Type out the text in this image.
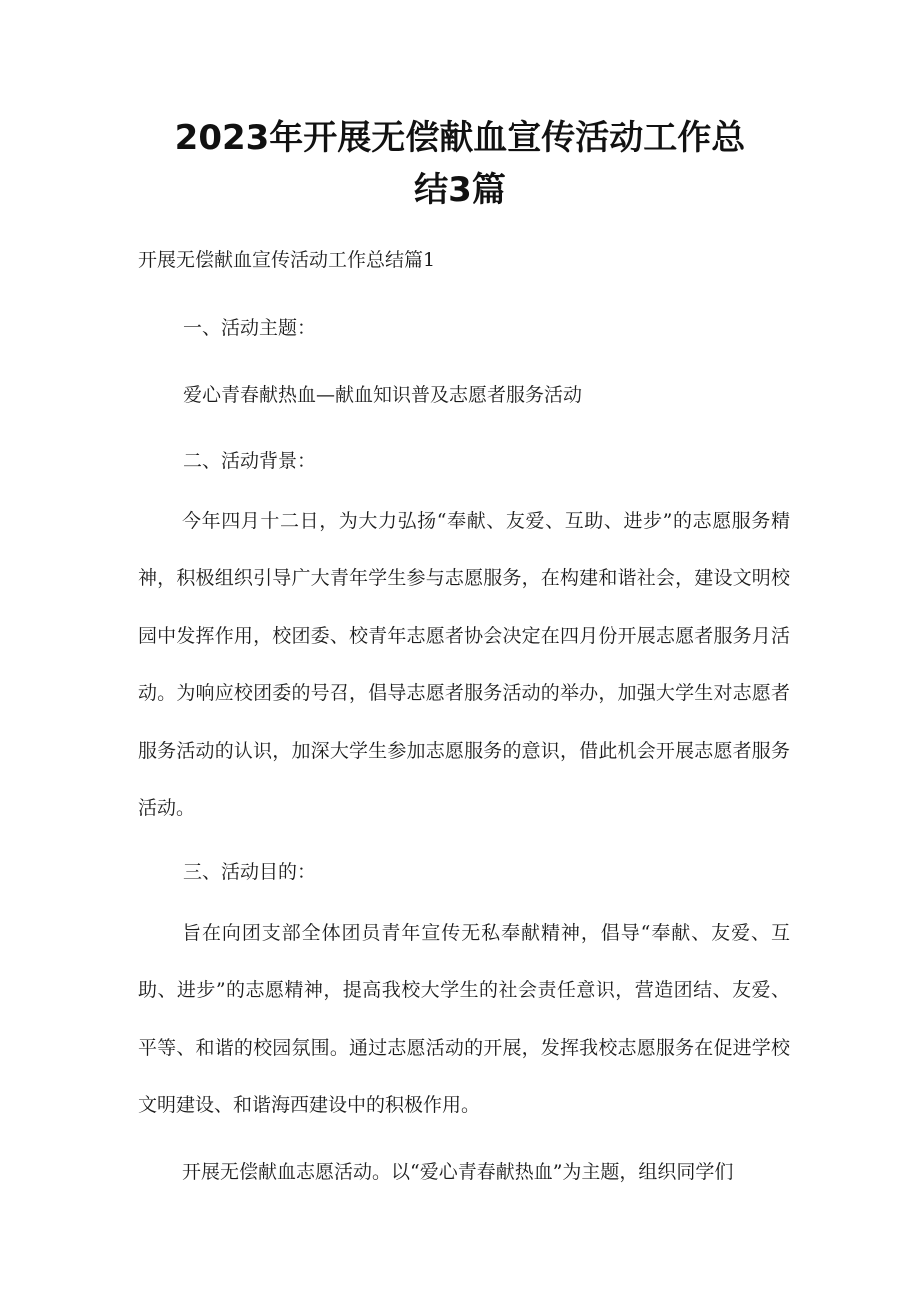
2023年开展无偿献血宣传活动工作总
结3篇

开展无偿献血宣传活动工作总结篇1

一、活动主题：

爱心青春献热血—献血知识普及志愿者服务活动

二、活动背景：

今年四月十二日，为大力弘扬“奉献、友爱、互助、进步”的志愿服务精神，积极组织引导广大青年学生参与志愿服务，在构建和谐社会，建设文明校园中发挥作用，校团委、校青年志愿者协会决定在四月份开展志愿者服务月活动。为响应校团委的号召，倡导志愿者服务活动的举办，加强大学生对志愿者服务活动的认识，加深大学生参加志愿服务的意识，借此机会开展志愿者服务活动。

三、活动目的：

旨在向团支部全体团员青年宣传无私奉献精神，倡导“奉献、友爱、互助、进步”的志愿精神，提高我校大学生的社会责任意识，营造团结、友爱、平等、和谐的校园氛围。通过志愿活动的开展，发挥我校志愿服务在促进学校文明建设、和谐海西建设中的积极作用。

开展无偿献血志愿活动。以“爱心青春献热血”为主题，组织同学们
